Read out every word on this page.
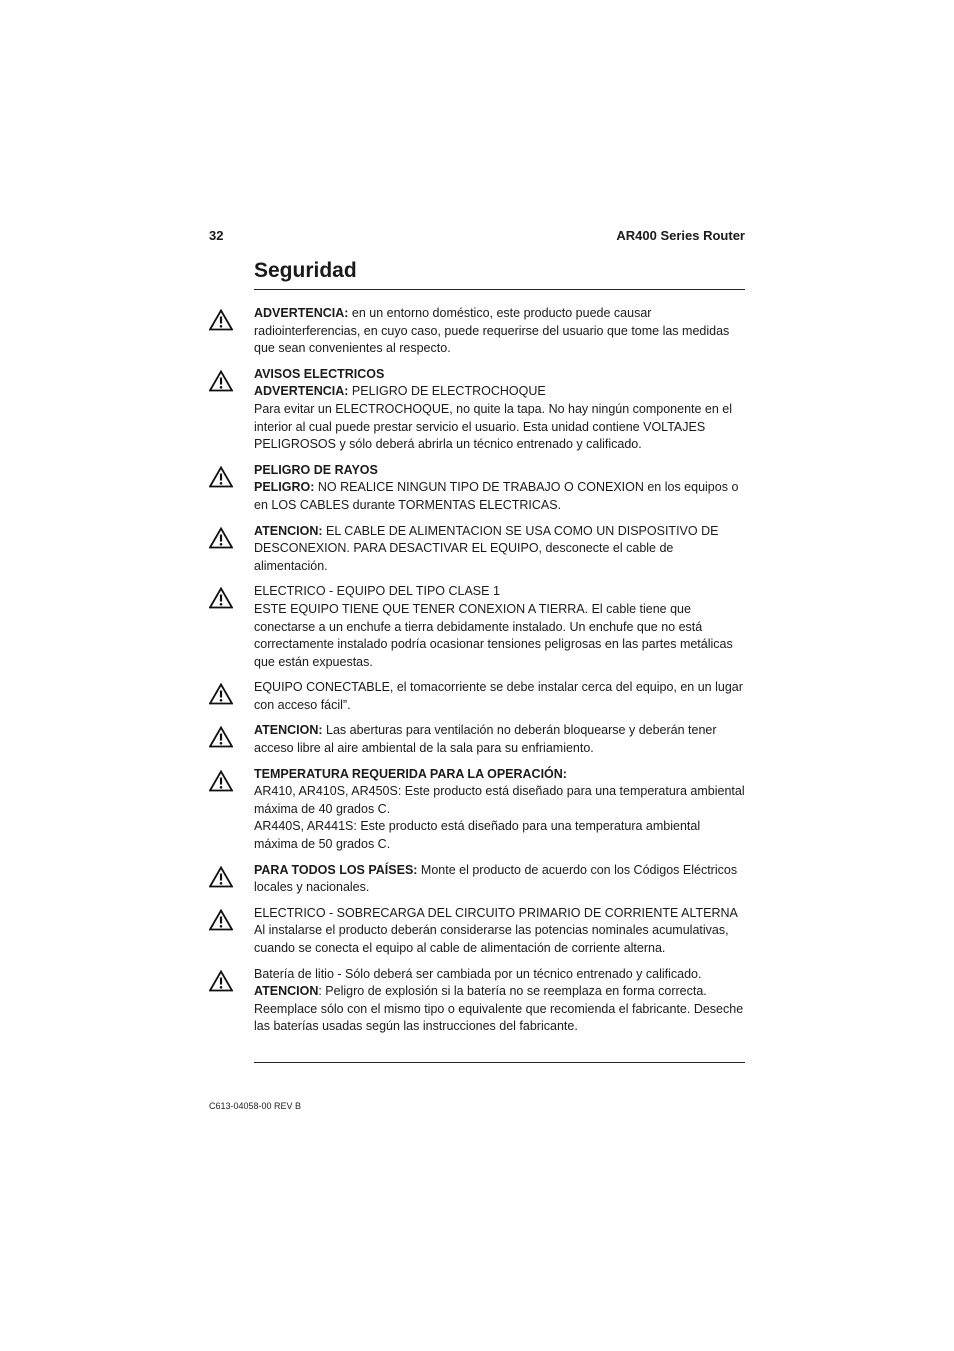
32	AR400 Series Router
Seguridad

ADVERTENCIA: en un entorno doméstico, este producto puede causar radiointerferencias, en cuyo caso, puede requerirse del usuario que tome las medidas que sean convenientes al respecto.

AVISOS ELECTRICOS

ADVERTENCIA: PELIGRO DE ELECTROCHOQUE

Para evitar un ELECTROCHOQUE, no quite la tapa. No hay ningún componente en el interior al cual puede prestar servicio el usuario. Esta unidad contiene VOLTAJES PELIGROSOS y sólo deberá abrirla un técnico entrenado y calificado.

PELIGRO DE RAYOS

PELIGRO: NO REALICE NINGUN TIPO DE TRABAJO O CONEXION en los equipos o en LOS CABLES durante TORMENTAS ELECTRICAS.

ATENCION: EL CABLE DE ALIMENTACION SE USA COMO UN DISPOSITIVO DE DESCONEXION. PARA DESACTIVAR EL EQUIPO, desconecte el cable de alimentación.

ELECTRICO - EQUIPO DEL TIPO CLASE 1

ESTE EQUIPO TIENE QUE TENER CONEXION A TIERRA. El cable tiene que conectarse a un enchufe a tierra debidamente instalado. Un enchufe que no está correctamente instalado podría ocasionar tensiones peligrosas en las partes metálicas que están expuestas.

EQUIPO CONECTABLE, el tomacorriente se debe instalar cerca del equipo, en un lugar con acceso fácil”.

ATENCION: Las aberturas para ventilación no deberán bloquearse y deberán tener acceso libre al aire ambiental de la sala para su enfriamiento.

TEMPERATURA REQUERIDA PARA LA OPERACIÓN:

AR410, AR410S, AR450S: Este producto está diseñado para una temperatura ambiental máxima de 40 grados C.

AR440S, AR441S: Este producto está diseñado para una temperatura ambiental máxima de 50 grados C.

PARA TODOS LOS PAÍSES: Monte el producto de acuerdo con los Códigos Eléctricos locales y nacionales.

ELECTRICO - SOBRECARGA DEL CIRCUITO PRIMARIO DE CORRIENTE ALTERNA

Al instalarse el producto deberán considerarse las potencias nominales acumulativas, cuando se conecta el equipo al cable de alimentación de corriente alterna.

Batería de litio - Sólo deberá ser cambiada por un técnico entrenado y calificado.

ATENCION: Peligro de explosión si la batería no se reemplaza en forma correcta. Reemplace sólo con el mismo tipo o equivalente que recomienda el fabricante. Deseche las baterías usadas según las instrucciones del fabricante.

C613-04058-00 REV B
